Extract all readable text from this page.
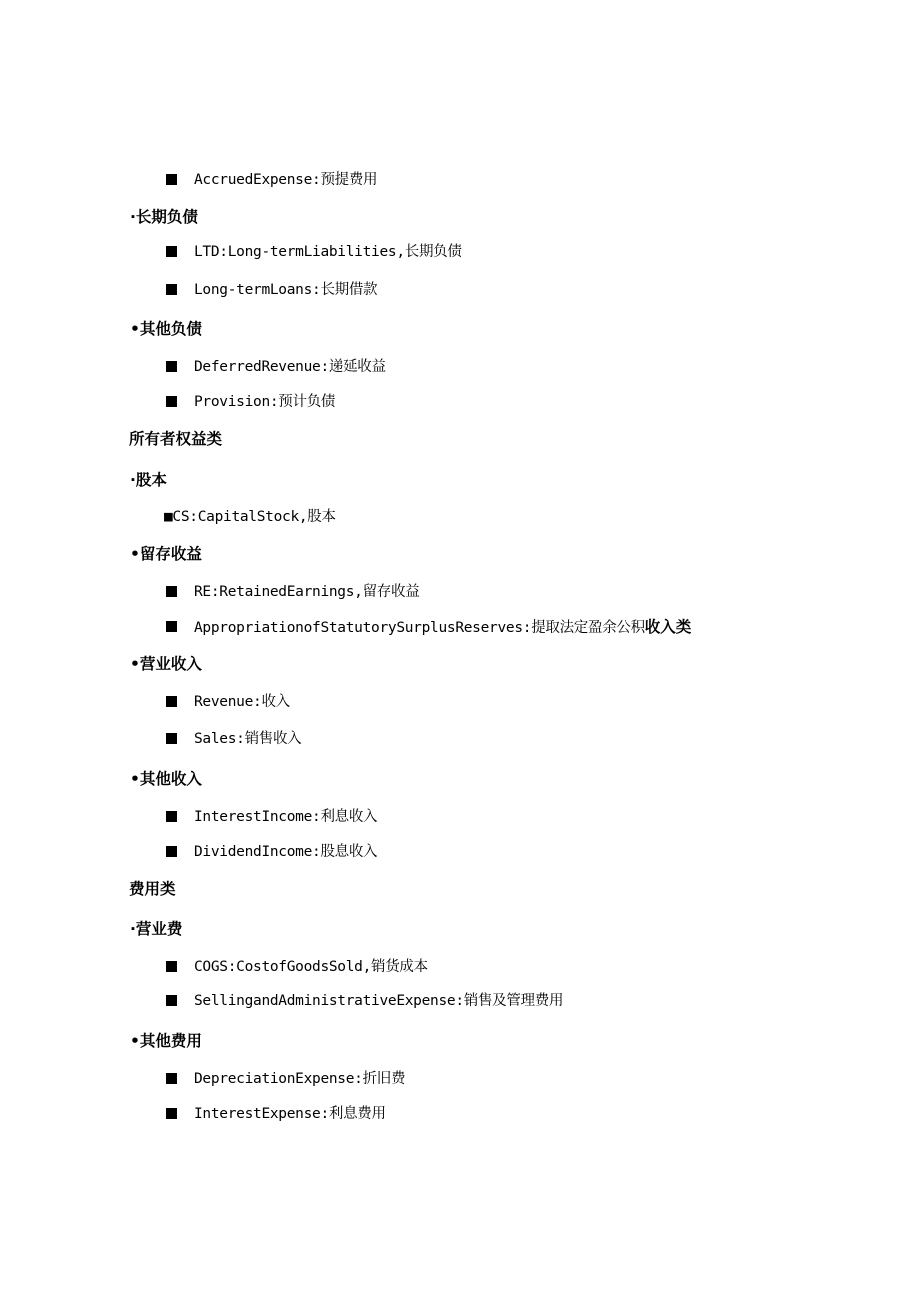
AccruedExpense:预提费用
·长期负债
LTD:Long-termLiabilities,长期负债
Long-termLoans:长期借款
•其他负债
DeferredRevenue:递延收益
Provision:预计负债
所有者权益类
·股本
■CS:CapitalStock,股本
•留存收益
RE:RetainedEarnings,留存收益
AppropriationofStatutorySurplusReserves:提取法定盈余公积收入类
•营业收入
Revenue:收入
Sales:销售收入
•其他收入
InterestIncome:利息收入
DividendIncome:股息收入
费用类
·营业费
COGS:CostofGoodsSold,销货成本
SellingandAdministrativeExpense:销售及管理费用
•其他费用
DepreciationExpense:折旧费
InterestExpense:利息费用
